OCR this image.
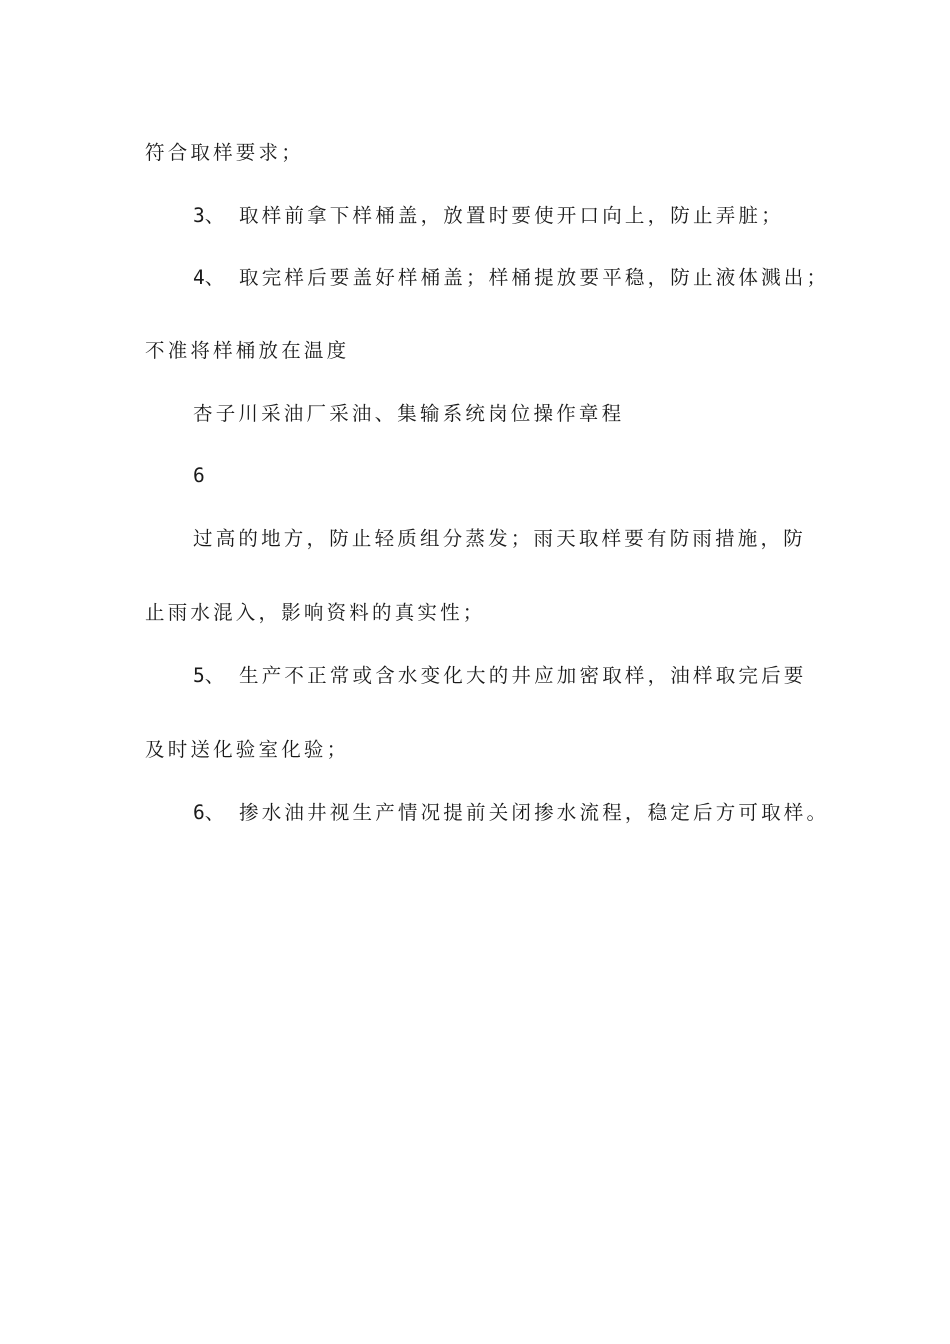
符合取样要求；
3、 取样前拿下样桶盖，放置时要使开口向上，防止弄脏；
4、 取完样后要盖好样桶盖；样桶提放要平稳，防止液体溅出；
不准将样桶放在温度
杏子川采油厂采油、集输系统岗位操作章程
6
过高的地方，防止轻质组分蒸发；雨天取样要有防雨措施，防
止雨水混入，影响资料的真实性；
5、 生产不正常或含水变化大的井应加密取样，油样取完后要
及时送化验室化验；
6、 掺水油井视生产情况提前关闭掺水流程，稳定后方可取样。
